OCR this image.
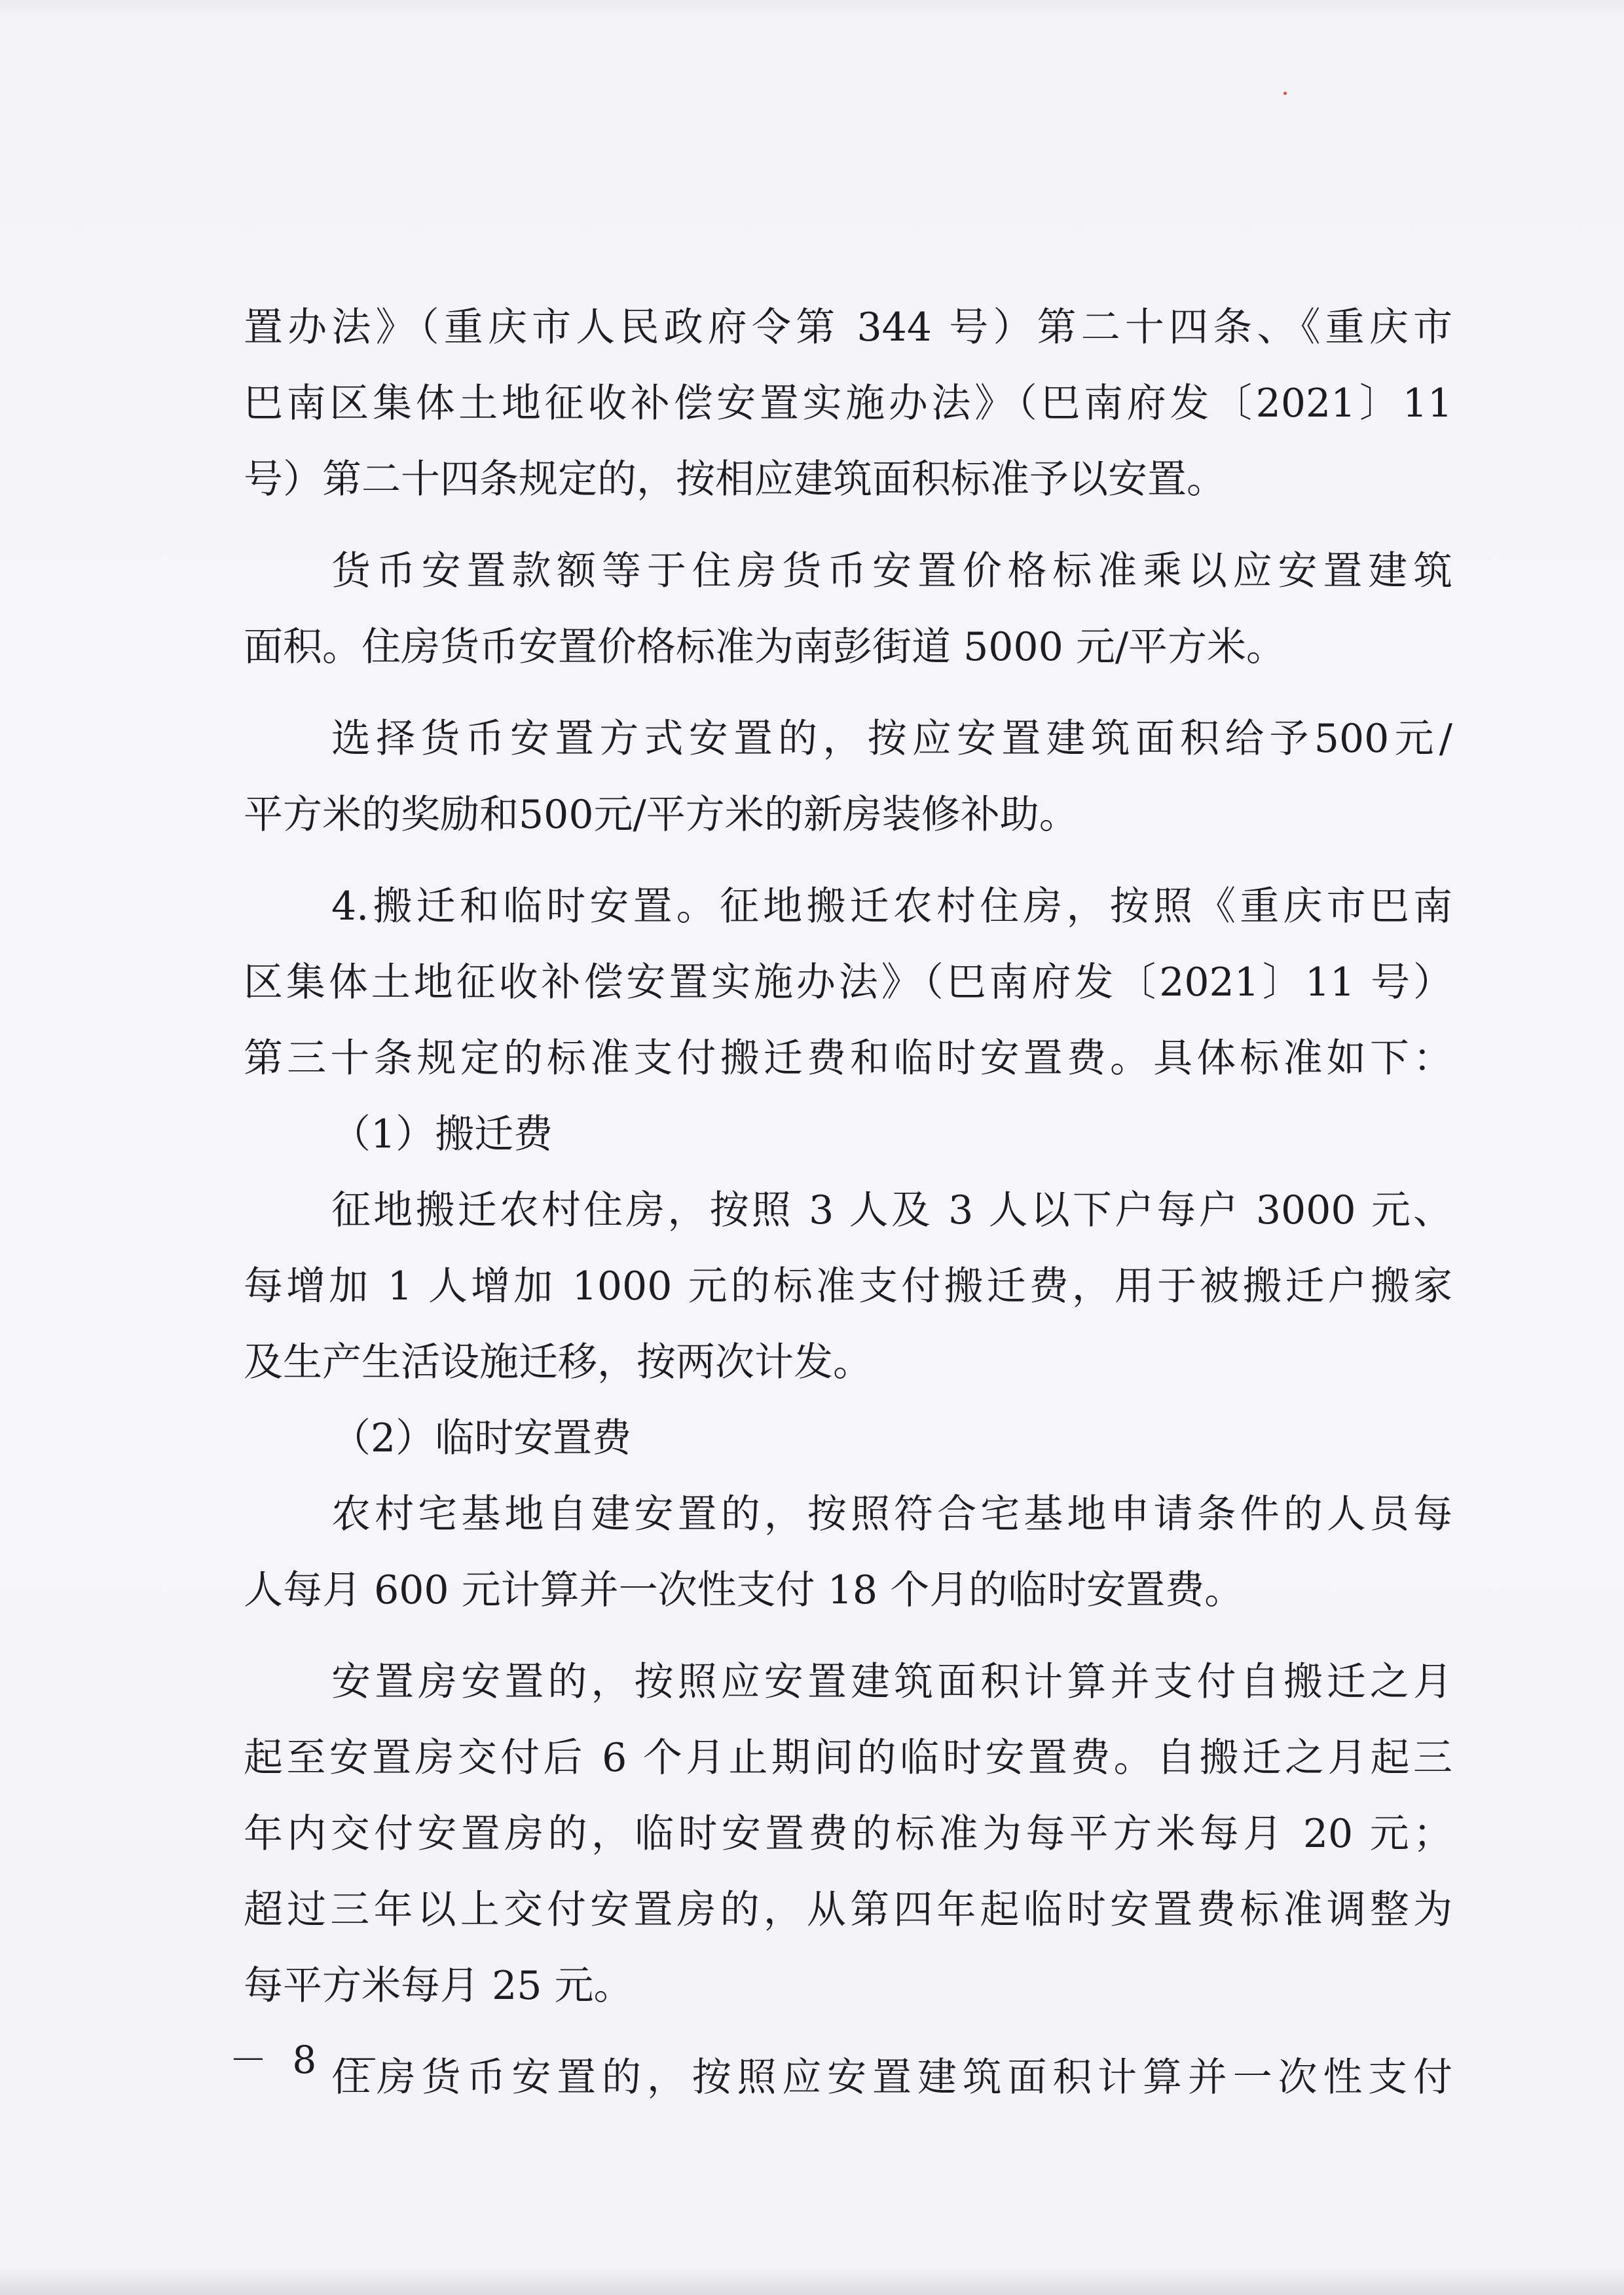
置办法》（重庆市人民政府令第 344 号）第二十四条、《重庆市
巴南区集体土地征收补偿安置实施办法》（巴南府发〔2021〕11
号）第二十四条规定的，按相应建筑面积标准予以安置。
货币安置款额等于住房货币安置价格标准乘以应安置建筑
面积。住房货币安置价格标准为南彭街道 5000 元/平方米。
选择货币安置方式安置的，按应安置建筑面积给予500元/
平方米的奖励和500元/平方米的新房装修补助。
4.搬迁和临时安置。征地搬迁农村住房，按照《重庆市巴南
区集体土地征收补偿安置实施办法》（巴南府发〔2021〕11 号）
第三十条规定的标准支付搬迁费和临时安置费。具体标准如下：
（1）搬迁费
征地搬迁农村住房，按照 3 人及 3 人以下户每户 3000 元、
每增加 1 人增加 1000 元的标准支付搬迁费，用于被搬迁户搬家
及生产生活设施迁移，按两次计发。
（2）临时安置费
农村宅基地自建安置的，按照符合宅基地申请条件的人员每
人每月 600 元计算并一次性支付 18 个月的临时安置费。
安置房安置的，按照应安置建筑面积计算并支付自搬迁之月
起至安置房交付后 6 个月止期间的临时安置费。自搬迁之月起三
年内交付安置房的，临时安置费的标准为每平方米每月 20 元；
超过三年以上交付安置房的，从第四年起临时安置费标准调整为
每平方米每月 25 元。
住房货币安置的，按照应安置建筑面积计算并一次性支付
－ 8 －
